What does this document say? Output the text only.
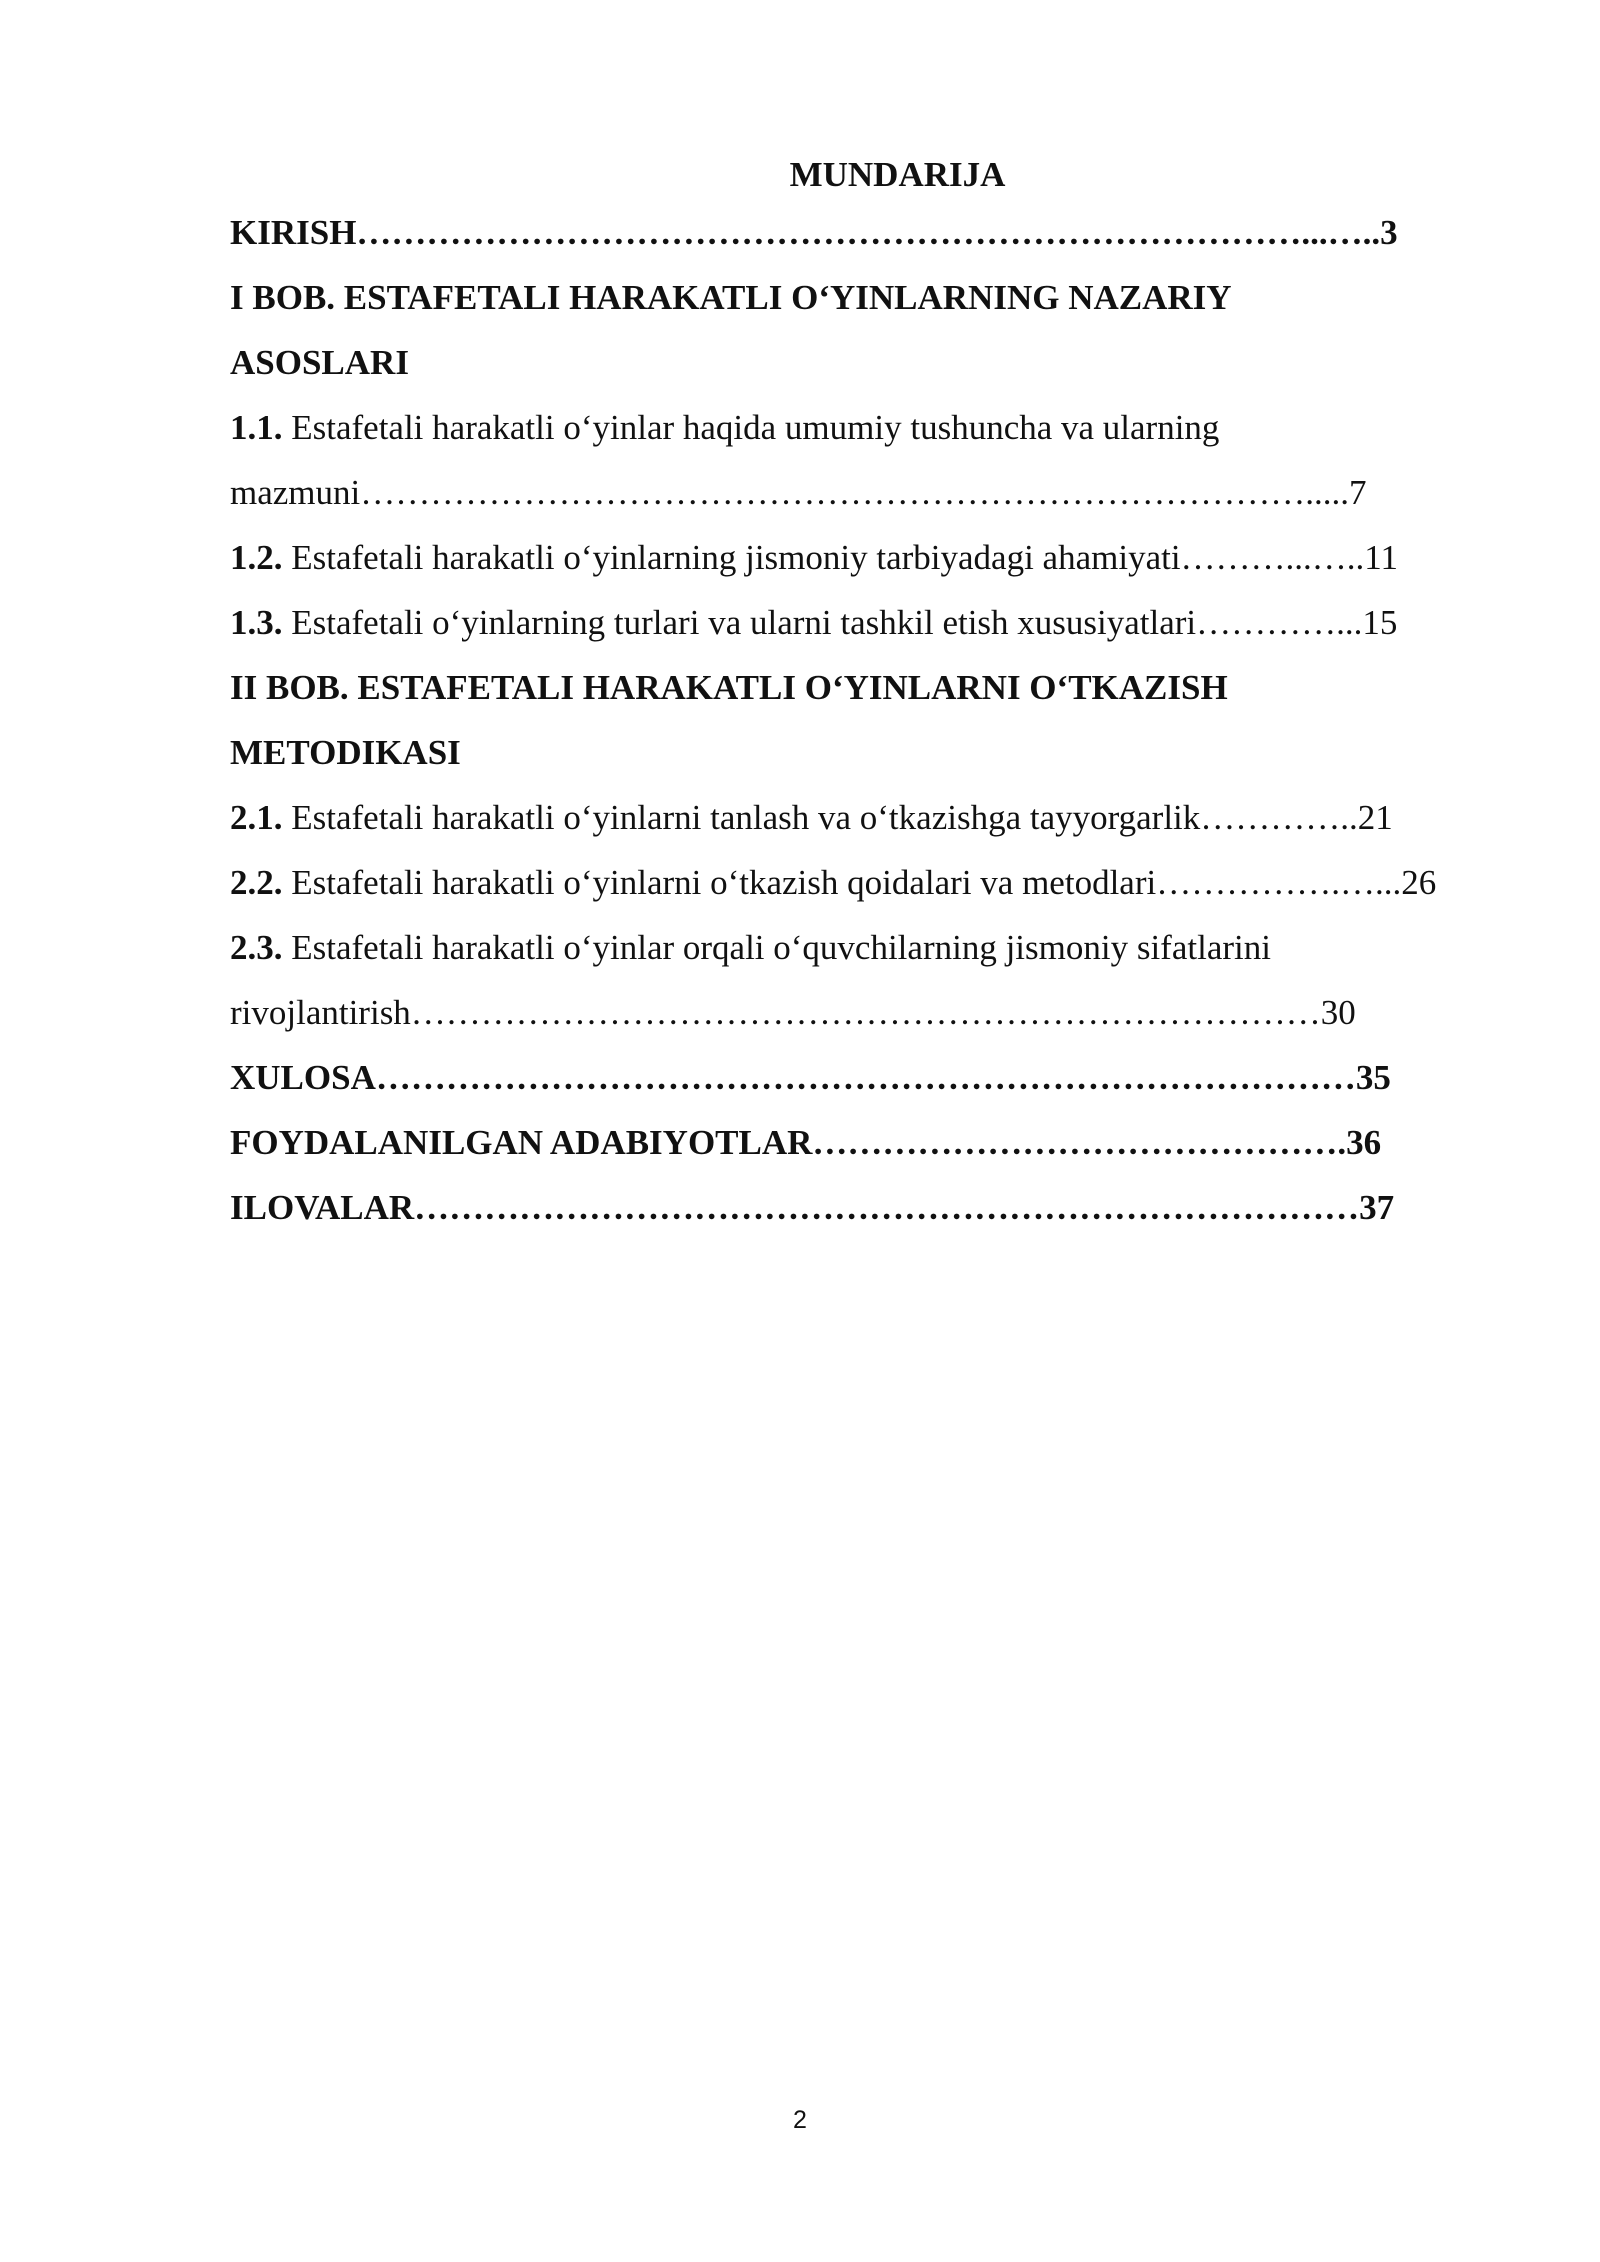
MUNDARIJA
KIRISH………………………………………………………………………...…..3
I BOB. ESTAFETALI HARAKATLI O‘YINLARNING NAZARIY
ASOSLARI
1.1. Estafetali harakatli o‘yinlar haqida umumiy tushuncha va ularning
mazmuni……………………………………………………………………….....7
1.2. Estafetali harakatli o‘yinlarning jismoniy tarbiyadagi ahamiyati………...…..11
1.3. Estafetali o‘yinlarning turlari va ularni tashkil etish xususiyatlari…………...15
II BOB. ESTAFETALI HARAKATLI O‘YINLARNI O‘TKAZISH
METODIKASI
2.1. Estafetali harakatli o‘yinlarni tanlash va o‘tkazishga tayyorgarlik…………..21
2.2. Estafetali harakatli o‘yinlarni o‘tkazish qoidalari va metodlari…………….…...26
2.3. Estafetali harakatli o‘yinlar orqali o‘quvchilarning jismoniy sifatlarini
rivojlantirish……………………………………………………………………30
XULOSA…………………………………………………………………………35
FOYDALANILGAN ADABIYOTLAR……………………………………….36
ILOVALAR………………………………………………………………………37
2
